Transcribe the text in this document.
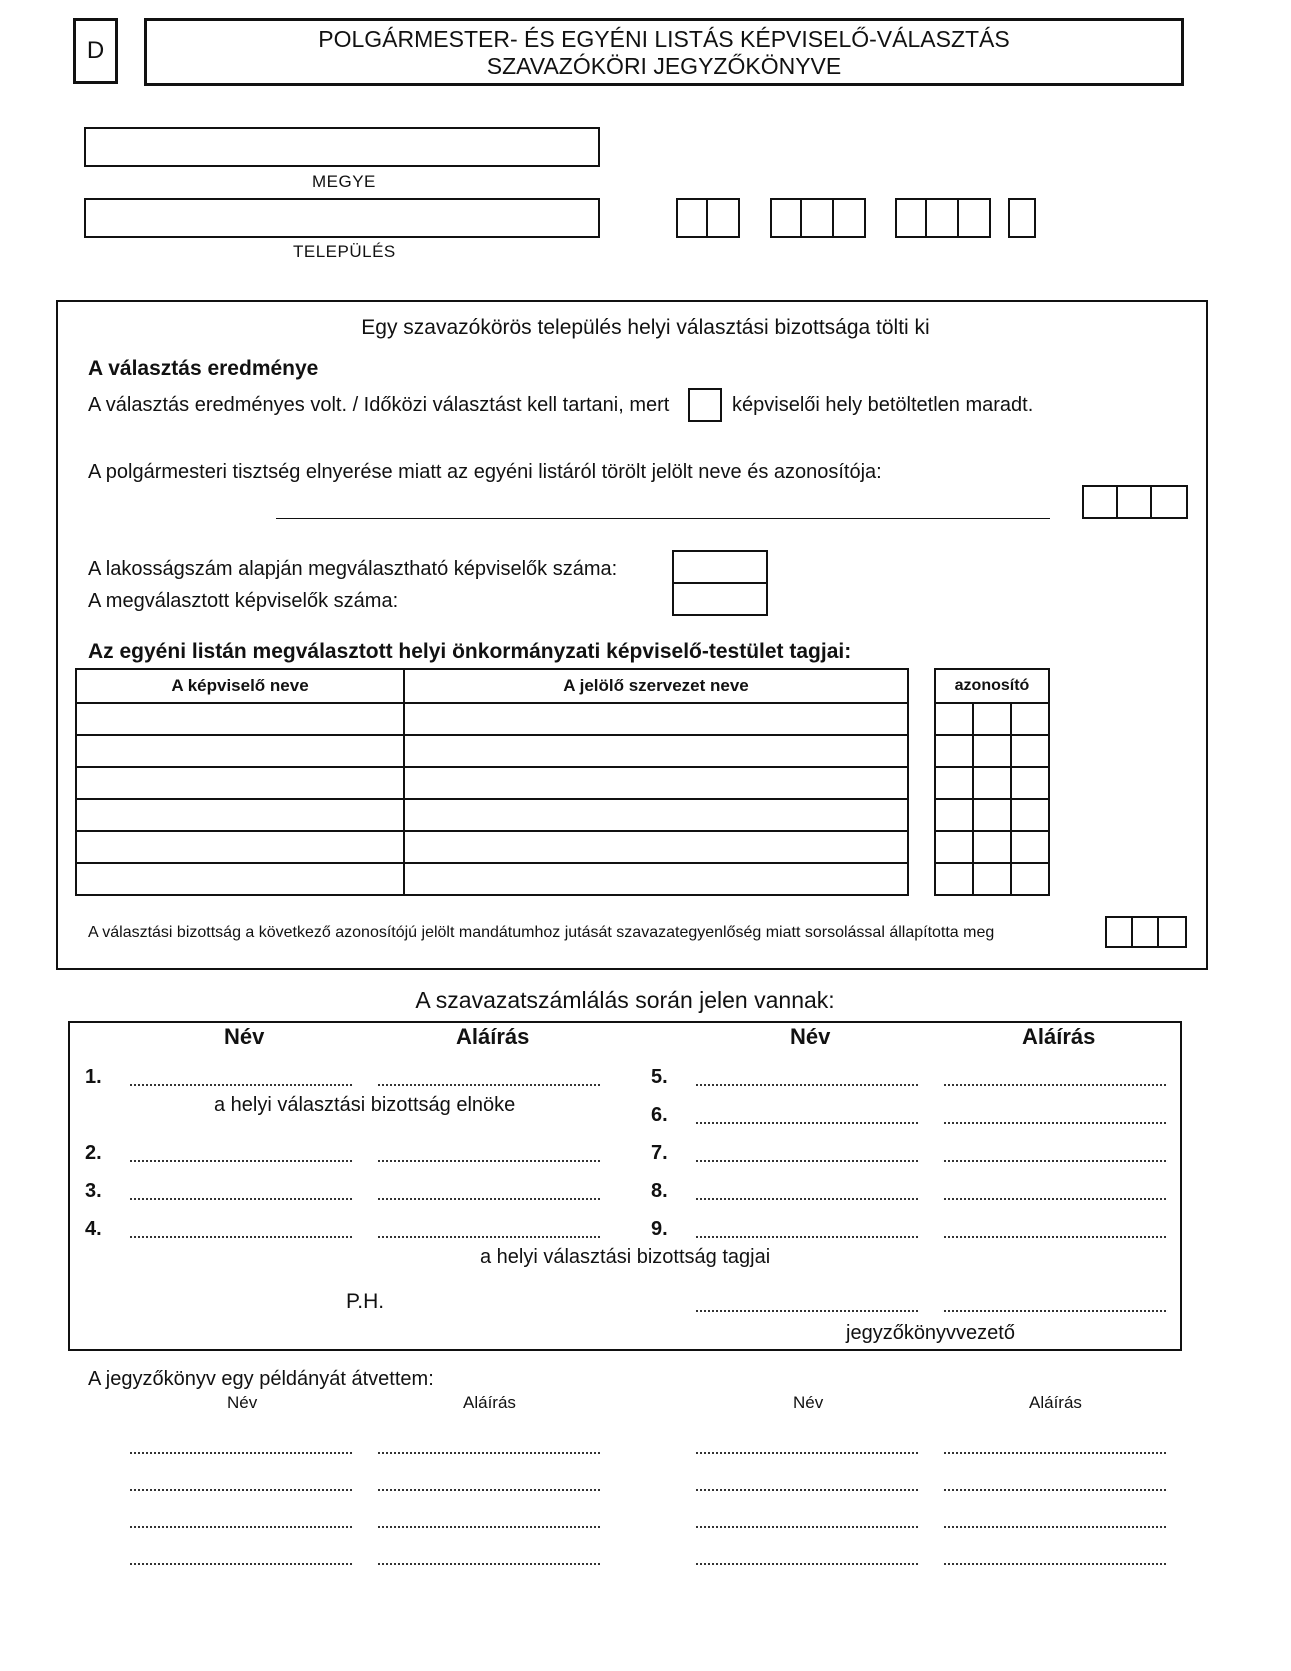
D	POLGÁRMESTER- ÉS EGYÉNI LISTÁS KÉPVISELŐ-VÁLASZTÁS
SZAVAZÓKÖRI JEGYZŐKÖNYVE
MEGYE
TELEPÜLÉS
Egy szavazókörös település helyi választási bizottsága tölti ki
A választás eredménye
A választás eredményes volt. / Időközi választást kell tartani, mert	képviselői hely betöltetlen maradt.
A polgármesteri tisztség elnyerése miatt az egyéni listáról törölt jelölt neve és azonosítója:
A lakosságszám alapján megválasztható képviselők száma:
A megválasztott képviselők száma:
Az egyéni listán megválasztott helyi önkormányzati képviselő-testület tagjai:
A képviselő neve	A jelölő szervezet neve

		azonosító		

A választási bizottság a következő azonosítójú jelölt mandátumhoz jutását szavazategyenlőség miatt sorsolással állapította meg
A szavazatszámlálás során jelen vannak:
Név	Aláírás	Név	Aláírás
1.
2.
3.
4.
5.
6.
7.
8.
9.
a helyi választási bizottság elnöke
a helyi választási bizottság tagjai
P.H.
jegyzőkönyvvezető
A jegyzőkönyv egy példányát átvettem:
Név	Aláírás	Név	Aláírás
